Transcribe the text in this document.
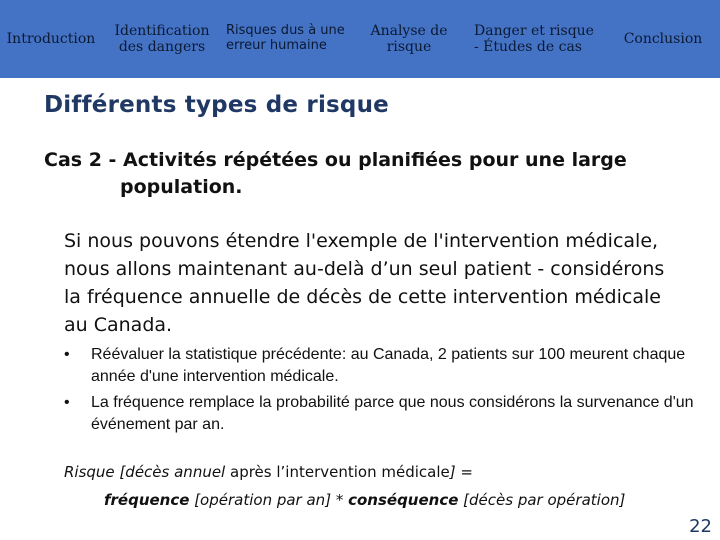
Introduction
Identification
des dangers
Risques dus à une
erreur humaine
Analyse de
risque
Danger et risque
- Études de cas
Conclusion
Différents types de risque
Cas 2 - Activités répétées ou planifiées pour une large
population.
Si nous pouvons étendre l'exemple de l'intervention médicale, nous allons maintenant au-delà d’un seul patient - considérons la fréquence annuelle de décès de cette intervention médicale au Canada.
• Réévaluer la statistique précédente: au Canada, 2 patients sur 100 meurent chaque année d'une intervention médicale.
• La fréquence remplace la probabilité parce que nous considérons la survenance d'un événement par an.
Risque [décès annuel après l’intervention médicale] =
fréquence [opération par an] * conséquence [décès par opération]
22
